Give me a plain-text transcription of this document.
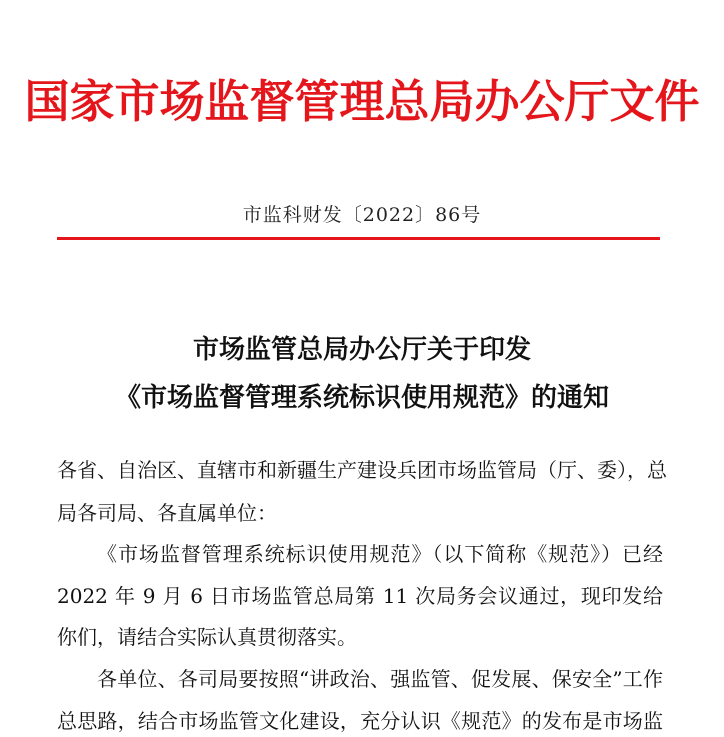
国家市场监督管理总局办公厅文件
市监科财发〔2022〕86号
市场监管总局办公厅关于印发
《市场监督管理系统标识使用规范》的通知
各省、自治区、直辖市和新疆生产建设兵团市场监管局（厅、委），总
局各司局、各直属单位：
《市场监督管理系统标识使用规范》（以下简称《规范》）已经
2022 年 9 月 6 日市场监管总局第 11 次局务会议通过，现印发给
你们，请结合实际认真贯彻落实。
各单位、各司局要按照“讲政治、强监管、促发展、保安全”工作
总思路，结合市场监管文化建设，充分认识《规范》的发布是市场监
